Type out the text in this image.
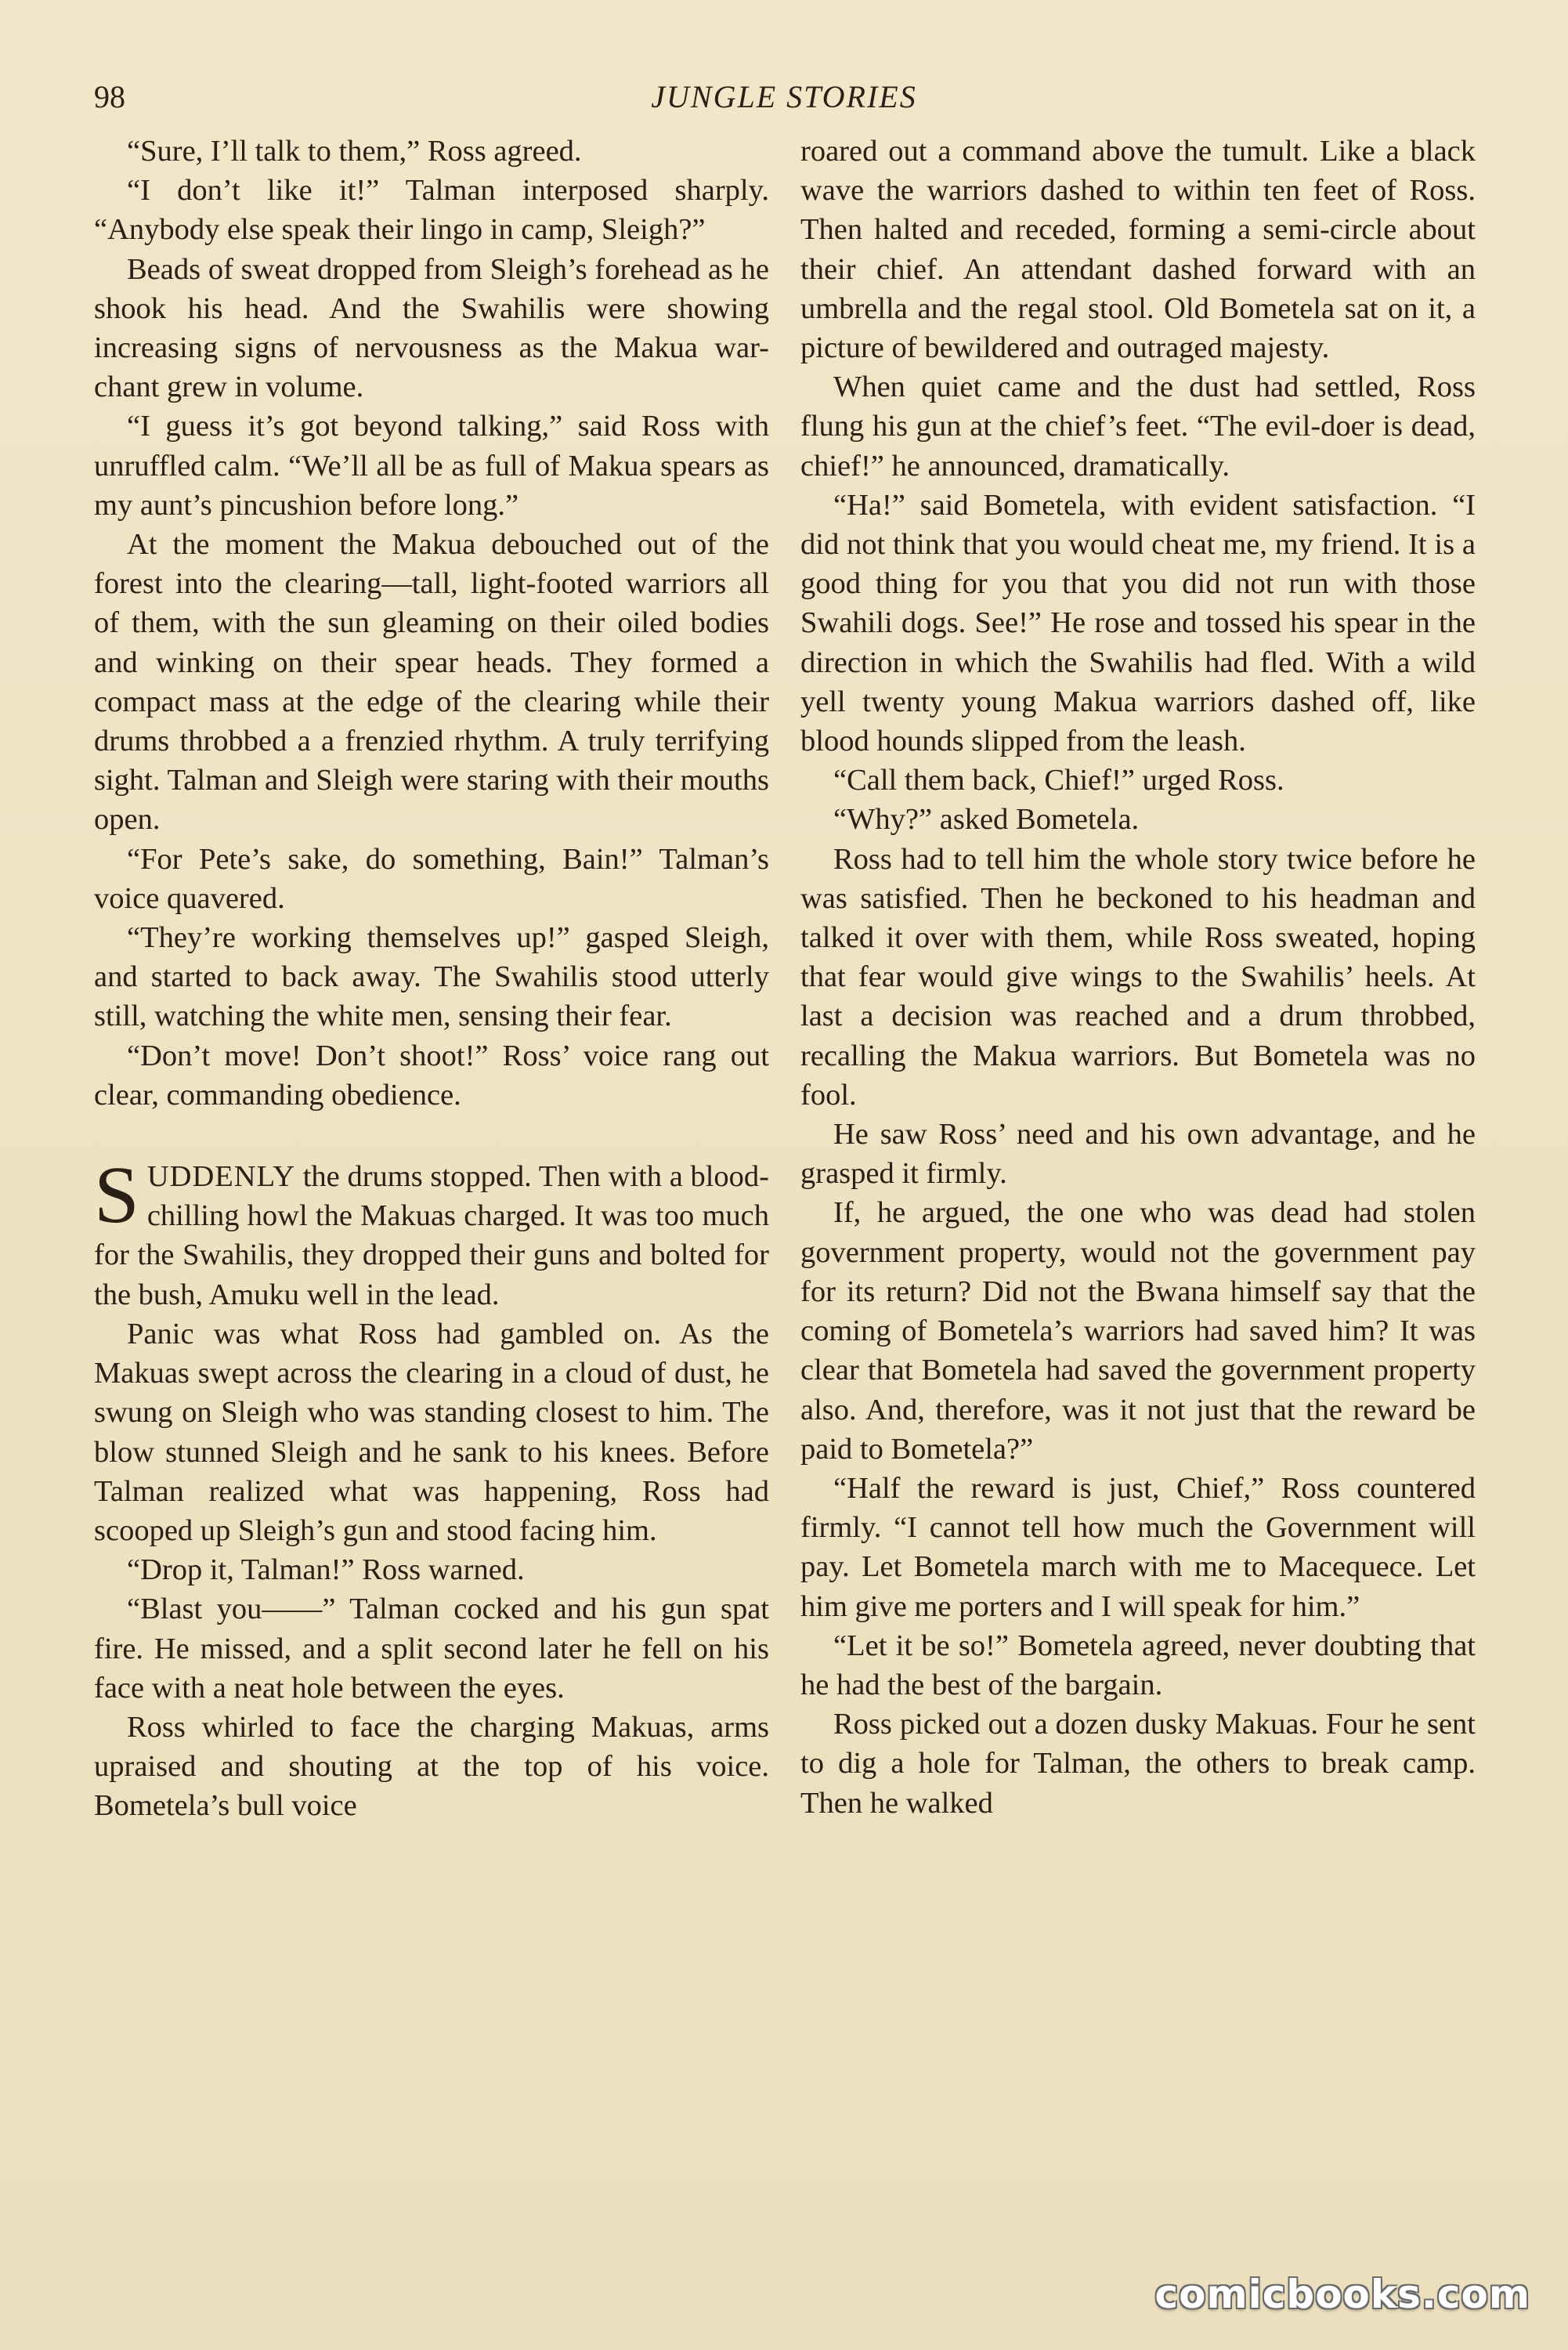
98	JUNGLE STORIES

“Sure, I’ll talk to them,” Ross agreed.

“I don’t like it!” Talman interposed sharply. “Anybody else speak their lingo in camp, Sleigh?”

Beads of sweat dropped from Sleigh’s forehead as he shook his head. And the Swahilis were showing increasing signs of nervousness as the Makua war-chant grew in volume.

“I guess it’s got beyond talking,” said Ross with unruffled calm. “We’ll all be as full of Makua spears as my aunt’s pincushion before long.”

At the moment the Makua debouched out of the forest into the clearing—tall, light-footed warriors all of them, with the sun gleaming on their oiled bodies and winking on their spear heads. They formed a compact mass at the edge of the clearing while their drums throbbed a a frenzied rhythm. A truly terrifying sight. Talman and Sleigh were staring with their mouths open.

“For Pete’s sake, do something, Bain!” Talman’s voice quavered.

“They’re working themselves up!” gasped Sleigh, and started to back away. The Swahilis stood utterly still, watching the white men, sensing their fear.

“Don’t move! Don’t shoot!” Ross’ voice rang out clear, commanding obedience.

SUDDENLY the drums stopped. Then with a blood-chilling howl the Makuas charged. It was too much for the Swahilis, they dropped their guns and bolted for the bush, Amuku well in the lead.

Panic was what Ross had gambled on. As the Makuas swept across the clearing in a cloud of dust, he swung on Sleigh who was standing closest to him. The blow stunned Sleigh and he sank to his knees. Before Talman realized what was happening, Ross had scooped up Sleigh’s gun and stood facing him.

“Drop it, Talman!” Ross warned.

“Blast you——” Talman cocked and his gun spat fire. He missed, and a split second later he fell on his face with a neat hole between the eyes.

Ross whirled to face the charging Makuas, arms upraised and shouting at the top of his voice. Bometela’s bull voice

roared out a command above the tumult. Like a black wave the warriors dashed to within ten feet of Ross. Then halted and receded, forming a semi-circle about their chief. An attendant dashed forward with an umbrella and the regal stool. Old Bometela sat on it, a picture of bewildered and outraged majesty.

When quiet came and the dust had settled, Ross flung his gun at the chief’s feet. “The evil-doer is dead, chief!” he announced, dramatically.

“Ha!” said Bometela, with evident satisfaction. “I did not think that you would cheat me, my friend. It is a good thing for you that you did not run with those Swahili dogs. See!” He rose and tossed his spear in the direction in which the Swahilis had fled. With a wild yell twenty young Makua warriors dashed off, like blood hounds slipped from the leash.

“Call them back, Chief!” urged Ross.

“Why?” asked Bometela.

Ross had to tell him the whole story twice before he was satisfied. Then he beckoned to his headman and talked it over with them, while Ross sweated, hoping that fear would give wings to the Swahilis’ heels. At last a decision was reached and a drum throbbed, recalling the Makua warriors. But Bometela was no fool.

He saw Ross’ need and his own advantage, and he grasped it firmly.

If, he argued, the one who was dead had stolen government property, would not the government pay for its return? Did not the Bwana himself say that the coming of Bometela’s warriors had saved him? It was clear that Bometela had saved the government property also. And, therefore, was it not just that the reward be paid to Bometela?”

“Half the reward is just, Chief,” Ross countered firmly. “I cannot tell how much the Government will pay. Let Bometela march with me to Macequece. Let him give me porters and I will speak for him.”

“Let it be so!” Bometela agreed, never doubting that he had the best of the bargain.

Ross picked out a dozen dusky Makuas. Four he sent to dig a hole for Talman, the others to break camp. Then he walked

comicbooks.com
